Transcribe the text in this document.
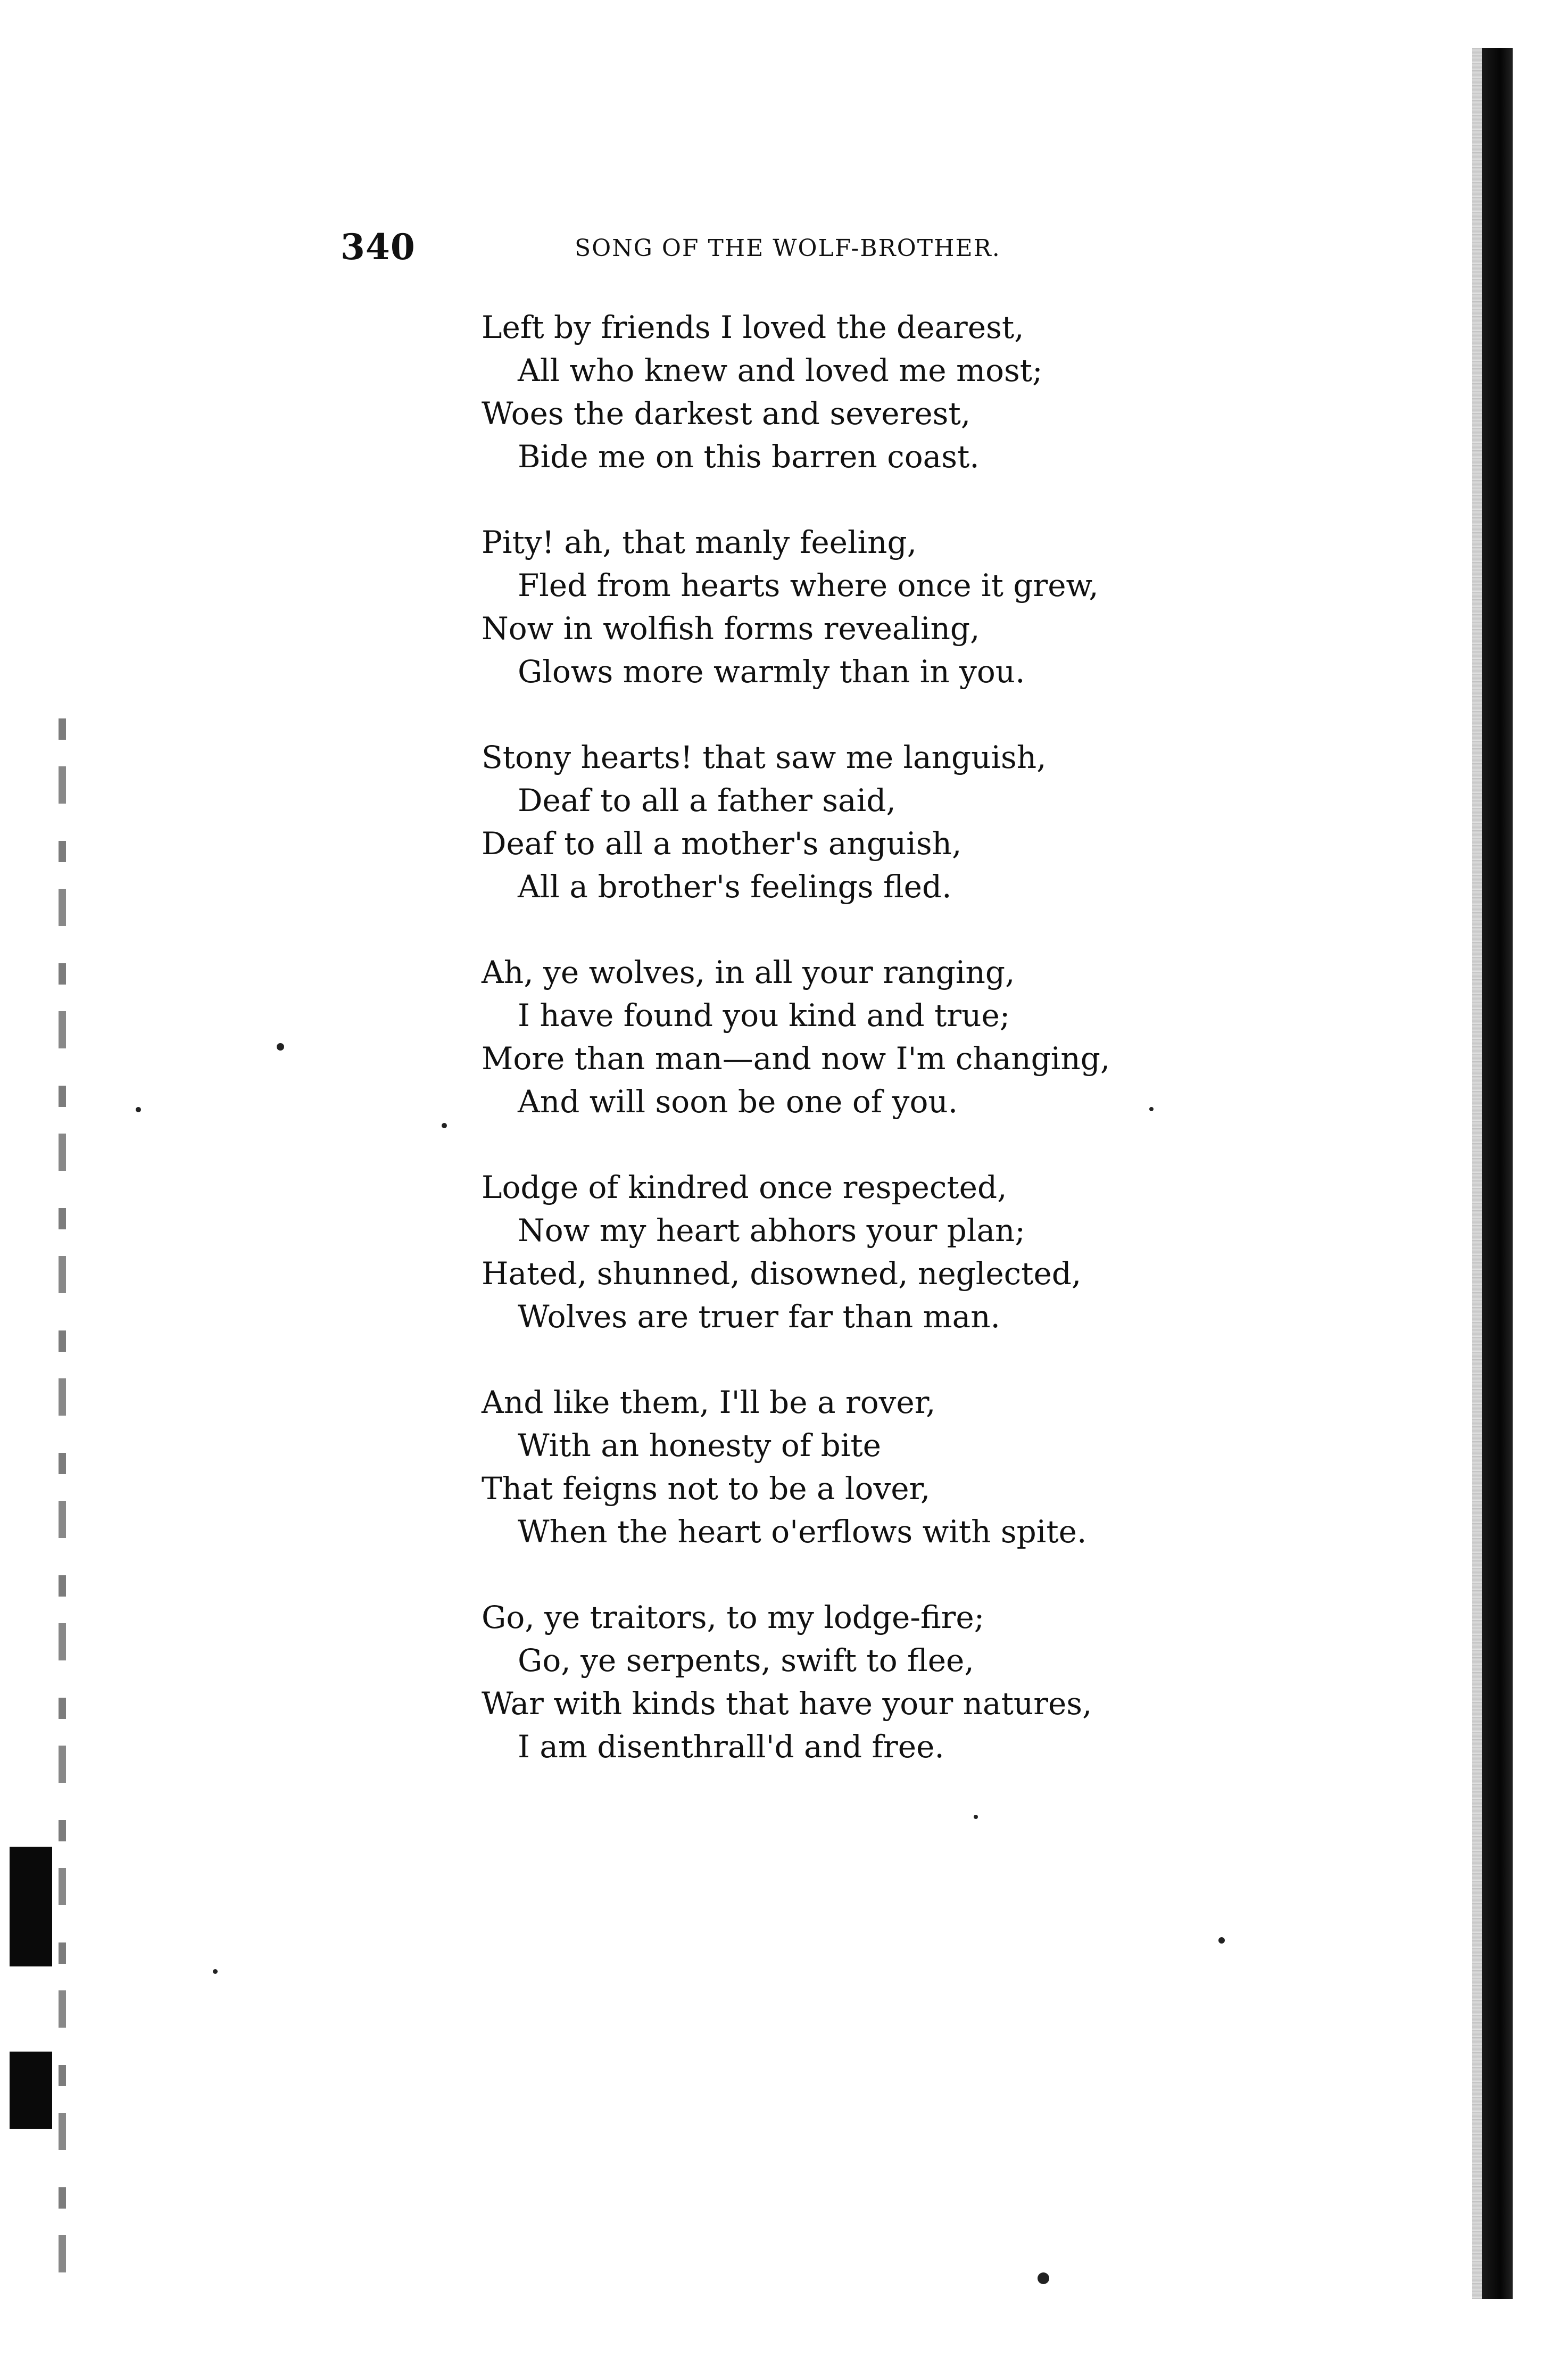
340	SONG OF THE WOLF-BROTHER.
Left by friends I loved the dearest,
All who knew and loved me most;
Woes the darkest and severest,
Bide me on this barren coast.
Pity! ah, that manly feeling,
Fled from hearts where once it grew,
Now in wolfish forms revealing,
Glows more warmly than in you.
Stony hearts! that saw me languish,
Deaf to all a father said,
Deaf to all a mother's anguish,
All a brother's feelings fled.
Ah, ye wolves, in all your ranging,
I have found you kind and true;
More than man—and now I'm changing,
And will soon be one of you.
Lodge of kindred once respected,
Now my heart abhors your plan;
Hated, shunned, disowned, neglected,
Wolves are truer far than man.
And like them, I'll be a rover,
With an honesty of bite
That feigns not to be a lover,
When the heart o'erflows with spite.
Go, ye traitors, to my lodge-fire;
Go, ye serpents, swift to flee,
War with kinds that have your natures,
I am disenthrall'd and free.
